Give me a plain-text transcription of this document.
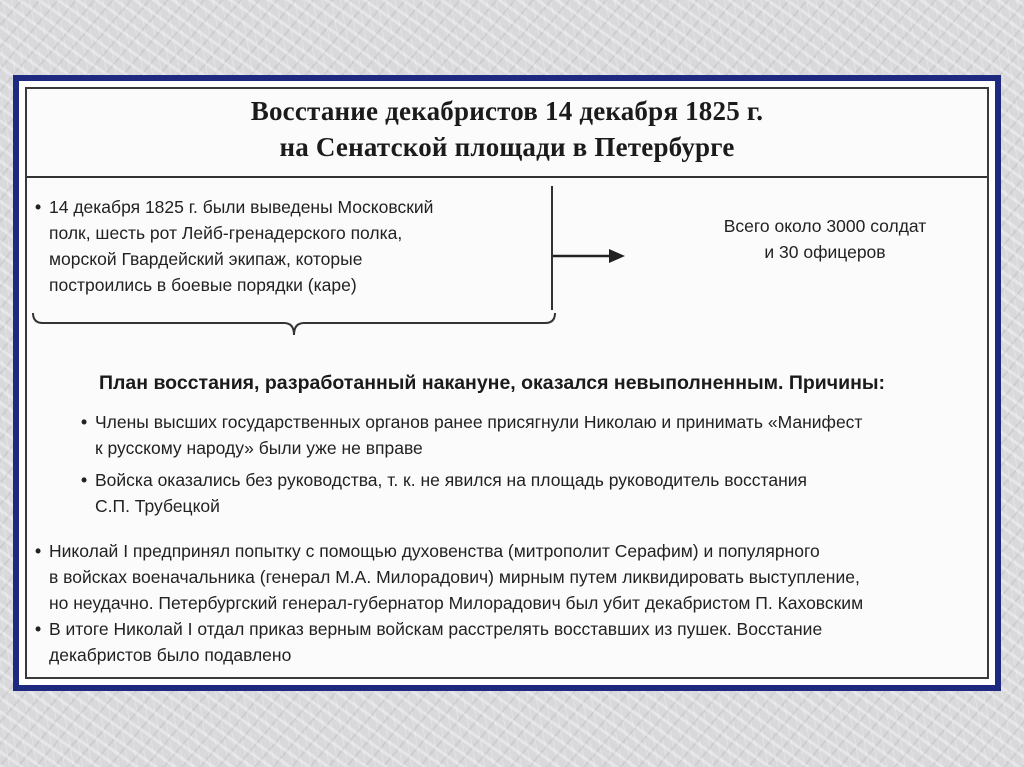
Восстание декабристов 14 декабря 1825 г.
на Сенатской площади в Петербурге
• 14 декабря 1825 г. были выведены Московский
полк, шесть рот Лейб-гренадерского полка,
морской Гвардейский экипаж, которые
построились в боевые порядки (каре)
Всего около 3000 солдат
и 30 офицеров
План восстания, разработанный накануне, оказался невыполненным. Причины:
• Члены высших государственных органов ранее присягнули Николаю и принимать «Манифест
к русскому народу» были уже не вправе
• Войска оказались без руководства, т. к. не явился на площадь руководитель восстания
С.П. Трубецкой
• Николай I предпринял попытку с помощью духовенства (митрополит Серафим) и популярного
в войсках военачальника (генерал М.А. Милорадович) мирным путем ликвидировать выступление,
но неудачно. Петербургский генерал-губернатор Милорадович был убит декабристом П. Каховским
• В итоге Николай I отдал приказ верным войскам расстрелять восставших из пушек. Восстание
декабристов было подавлено
